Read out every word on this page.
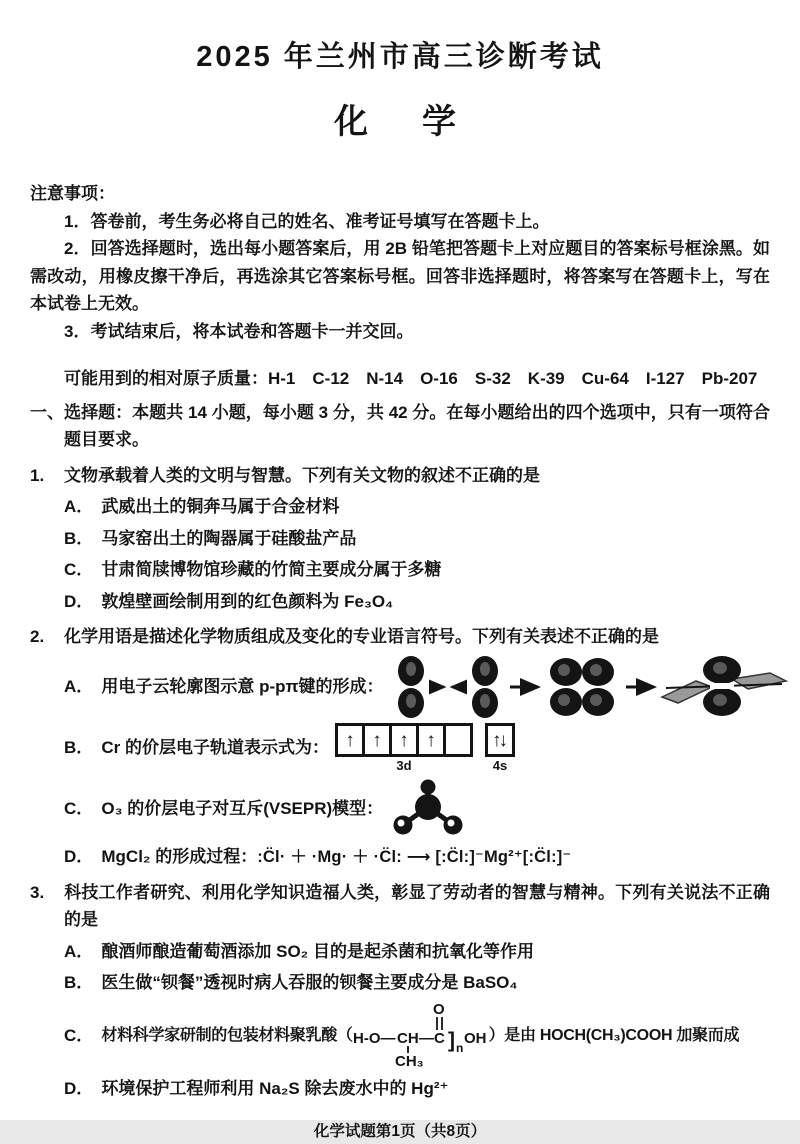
2025 年兰州市高三诊断考试
化　学
注意事项：

1．答卷前，考生务必将自己的姓名、准考证号填写在答题卡上。

2．回答选择题时，选出每小题答案后，用 2B 铅笔把答题卡上对应题目的答案标号框涂黑。如需改动，用橡皮擦干净后，再选涂其它答案标号框。回答非选择题时，将答案写在答题卡上，写在本试卷上无效。

3．考试结束后，将本试卷和答题卡一并交回。

可能用到的相对原子质量：H-1　C-12　N-14　O-16　S-32　K-39　Cu-64　I-127　Pb-207

一、选择题：本题共 14 小题，每小题 3 分，共 42 分。在每小题给出的四个选项中，只有一项符合题目要求。

1. 文物承载着人类的文明与智慧。下列有关文物的叙述不正确的是

A． 武威出土的铜奔马属于合金材料
B． 马家窑出土的陶器属于硅酸盐产品
C． 甘肃简牍博物馆珍藏的竹简主要成分属于多糖
D． 敦煌壁画绘制用到的红色颜料为 Fe₃O₄

2. 化学用语是描述化学物质组成及变化的专业语言符号。下列有关表述不正确的是

A． 用电子云轮廓图示意 p-pπ键的形成：
B． Cr 的价层电子轨道表示式为： ↑ ↑ ↑ ↑	↑↓
3d	4s
C． O₃ 的价层电子对互斥(VSEPR)模型：
D． MgCl₂ 的形成过程： :C̈l· ＋ ·Mg· ＋ ·C̈l: ⟶ [:C̈l:]⁻Mg²⁺[:C̈l:]⁻

3. 科技工作者研究、利用化学知识造福人类，彰显了劳动者的智慧与精神。下列有关说法不正确的是

A． 酿酒师酿造葡萄酒添加 SO₂ 目的是起杀菌和抗氧化等作用
B． 医生做“钡餐”透视时病人吞服的钡餐主要成分是 BaSO₄
C． 材料科学家研制的包装材料聚乳酸（ H-O— CH —C ] n
OH
CH₃
O
）是由 HOCH(CH₃)COOH 加聚而成
D． 环境保护工程师利用 Na₂S 除去废水中的 Hg²⁺
化学试题第1页（共8页）
